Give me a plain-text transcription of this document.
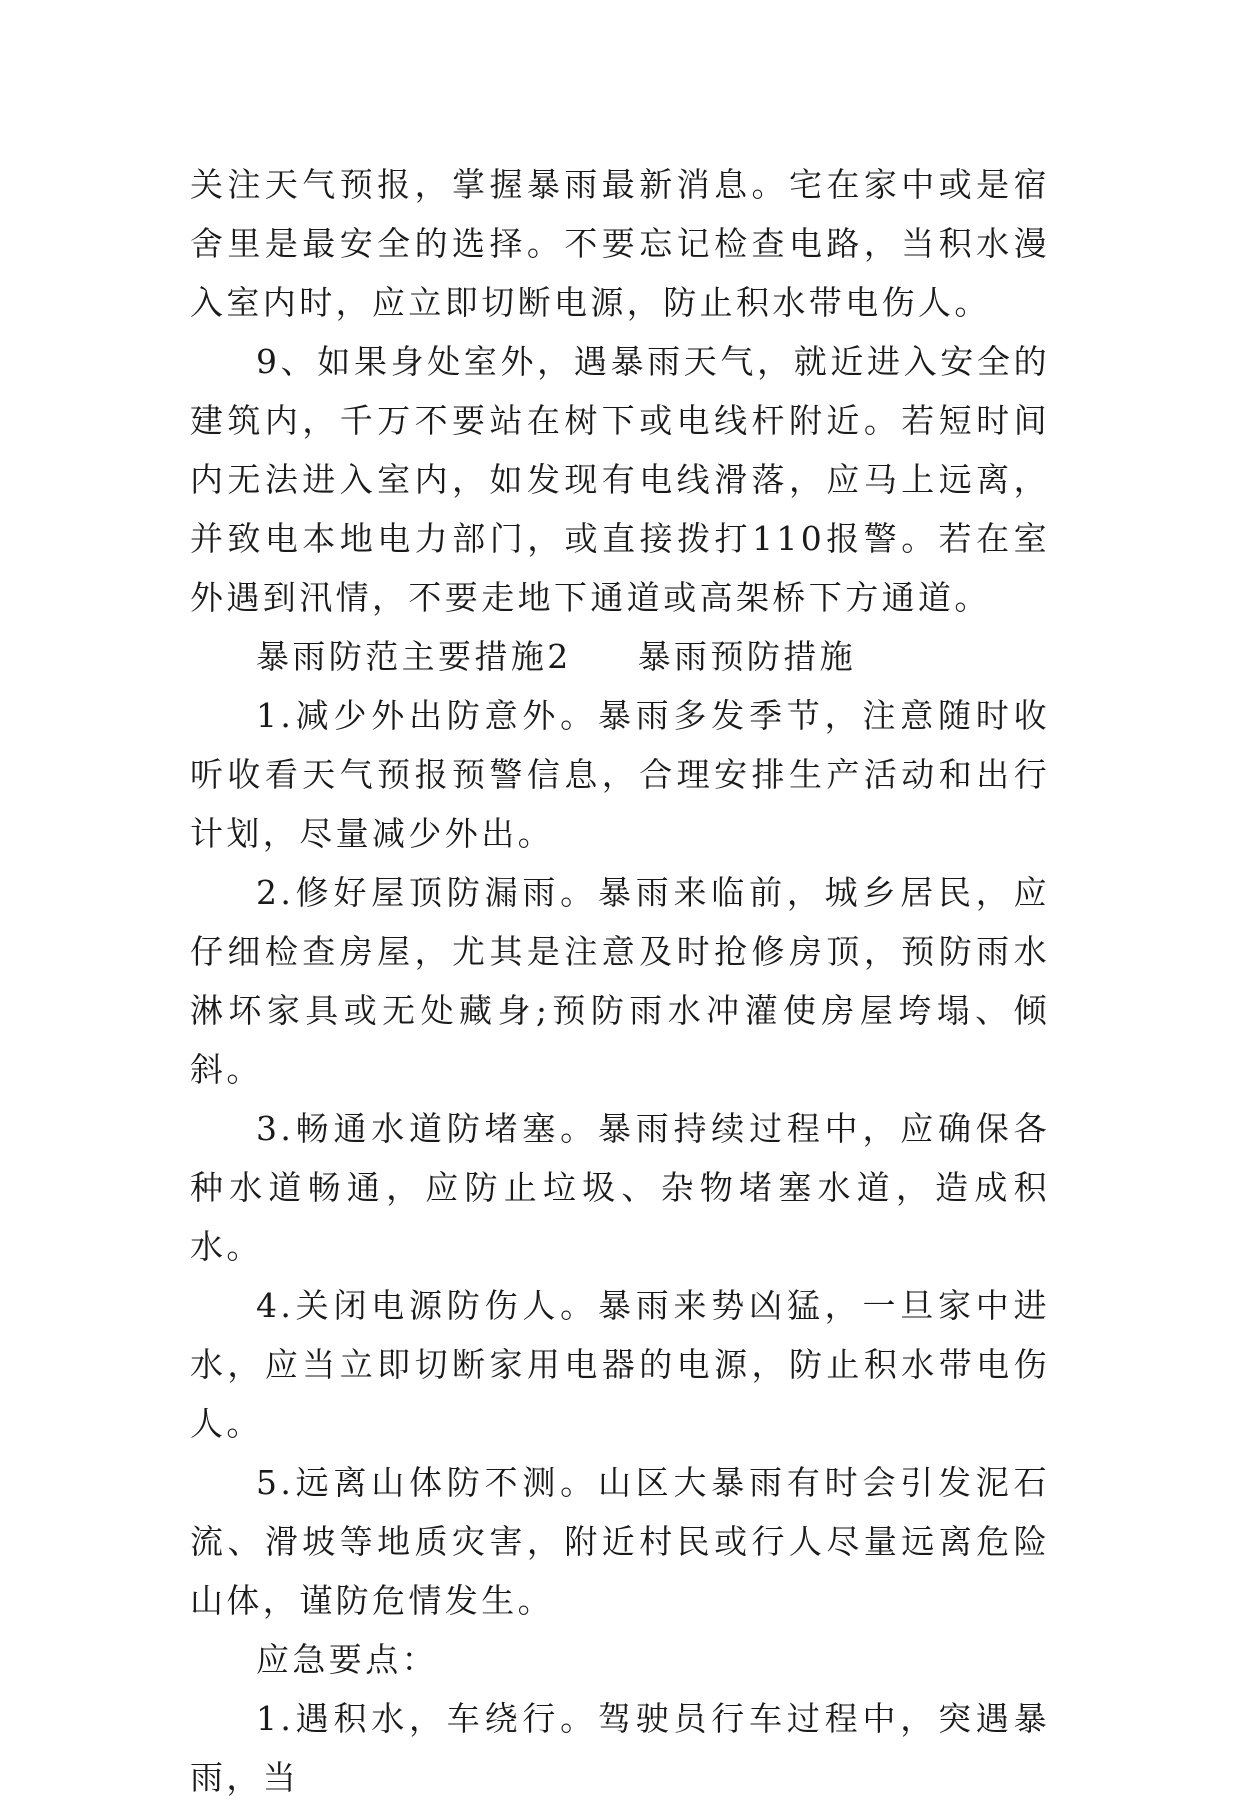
关注天气预报，掌握暴雨最新消息。宅在家中或是宿舍里是最安全的选择。不要忘记检查电路，当积水漫入室内时，应立即切断电源，防止积水带电伤人。

9、如果身处室外，遇暴雨天气，就近进入安全的建筑内，千万不要站在树下或电线杆附近。若短时间内无法进入室内，如发现有电线滑落，应马上远离，并致电本地电力部门，或直接拨打110报警。若在室外遇到汛情，不要走地下通道或高架桥下方通道。

暴雨防范主要措施2 暴雨预防措施

1.减少外出防意外。暴雨多发季节，注意随时收听收看天气预报预警信息，合理安排生产活动和出行计划，尽量减少外出。

2.修好屋顶防漏雨。暴雨来临前，城乡居民，应仔细检查房屋，尤其是注意及时抢修房顶，预防雨水淋坏家具或无处藏身;预防雨水冲灌使房屋垮塌、倾斜。

3.畅通水道防堵塞。暴雨持续过程中，应确保各种水道畅通，应防止垃圾、杂物堵塞水道，造成积水。

4.关闭电源防伤人。暴雨来势凶猛，一旦家中进水，应当立即切断家用电器的电源，防止积水带电伤人。

5.远离山体防不测。山区大暴雨有时会引发泥石流、滑坡等地质灾害，附近村民或行人尽量远离危险山体，谨防危情发生。

应急要点：

1.遇积水，车绕行。驾驶员行车过程中，突遇暴雨，当
